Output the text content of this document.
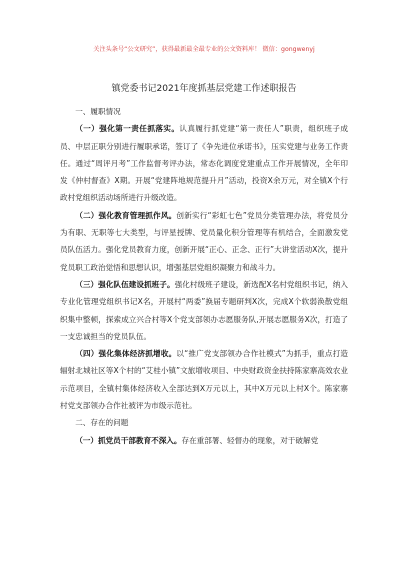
关注头条号“公文研究”，获得最新最全最专业的公文资料库！ 微信：gongwenyj
镇党委书记2021年度抓基层党建工作述职报告

一、履职情况

（一）强化第一责任抓落实。认真履行抓党建“第一责任人”职责，组织班子成员、中层正职分别进行履职承诺，签订了《争先进位承诺书》，压实党建与业务工作责任。通过“周评月考”工作监督考评办法，常态化调度党建重点工作开展情况，全年印发《仲村督查》X期。开展“党建阵地规范提升月”活动，投资X余万元，对全镇X个行政村党组织活动场所进行升级改造。

（二）强化教育管理抓作风。创新实行“彩虹七色”党员分类管理办法，将党员分为有职、无职等七大类型，与评星授牌、党员量化积分管理等有机结合，全面激发党员队伍活力。强化党员教育力度，创新开展“正心、正念、正行”大讲堂活动X次，提升党员职工政治觉悟和思想认识，增强基层党组织凝聚力和战斗力。

（三）强化队伍建设抓班子。强化村级班子建设，新选配X名村党组织书记，纳入专业化管理党组织书记X名，开展村“两委”换届专题研判X次，完成X个软弱涣散党组织集中整顿，探索成立兴合村等X个党支部领办志愿服务队,开展志愿服务X次，打造了一支忠诚担当的党员队伍。

（四）强化集体经济抓增收。以“推广党支部领办合作社模式”为抓手，重点打造辐射北城社区等X个村的“艾桂小镇”文旅增收项目、中央财政资金扶持陈家寨高效农业示范项目，全镇村集体经济收入全部达到X万元以上，其中X万元以上村X个。陈家寨村党支部领办合作社被评为市级示范社。

二、存在的问题

（一）抓党员干部教育不深入。存在重部署、轻督办的现象，对于破解党
